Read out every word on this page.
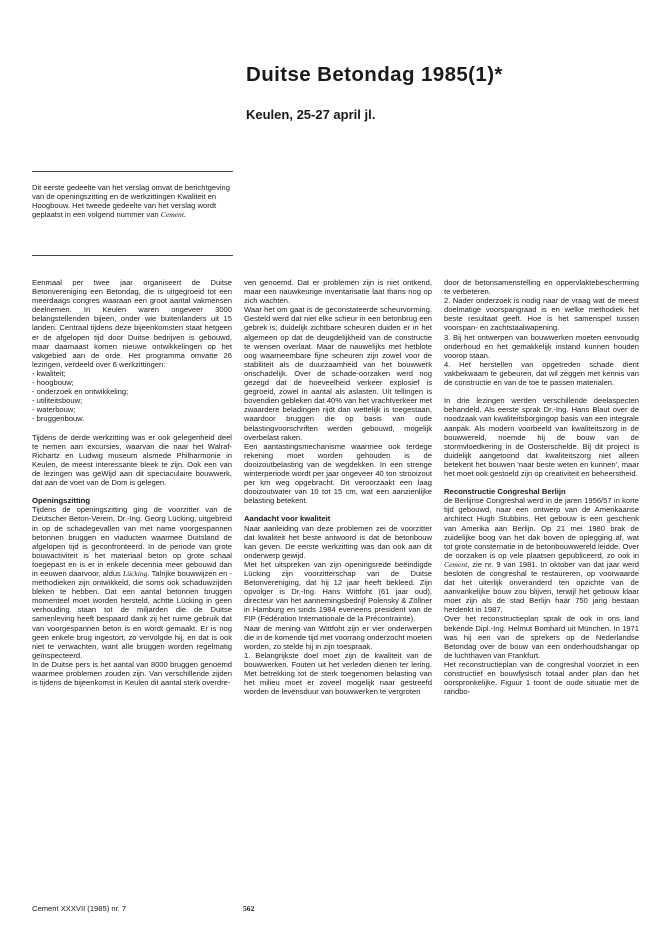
Duitse Betondag 1985(1)*
Keulen, 25-27 april jl.

Dit eerste gedeelte van het verslag omvat de berichtgeving van de openingszitting en de werkzittingen Kwaliteit en Hoogbouw. Het tweede gedeelte van het verslag wordt geplaatst in een volgend nummer van Cement.

Eenmaal per twee jaar organiseert de Duitse Betonvereniging een Betondag, die is uitgegroeid tot een meerdaags congres waaraan een groot aantal vakmensen deelnemen. In Keulen waren ongeveer 3000 belangstellenden bijeen, onder wie buitenlanders uit 15 landen. Centraal tijdens deze bijeenkomsten staat hetgeen er de afgelopen tijd door Duitse bedrijven is gebouwd, maar daarnaast komen nieuwe ontwikkelingen op het vakgebied aan de orde. Het programma omvatte 26 lezingen, verdeeld over 6 werkzittingen:

- kwaliteit;
- hoogbouw;
- onderzoek en ontwikkeling;
- utiliteitsbouw;
- waterbouw;
- bruggenbouw.

Tijdens de derde werkzitting was er ook gelegenheid deel te nemen aan excursies, waarvan die naar het Walraf-Richartz en Ludwig museum alsmede Philharmonie in Keulen, de meest interessante bleek te zijn. Ook een van de lezingen was geWijd aan dit spectaculaire bouwwerk, dat aan de voet van de Dom is gelegen.

Openingszitting

Tijdens de openingszitting ging de voorzitter van de Deutscher Beton-Verein, Dr.-Ing. Georg Lücking, uitgebreid in op de schadegevallen van met name voorgespannen betonnen bruggen en viaducten waarmee Duitsland de afgelopen tijd is geconfronteerd. In de periode van grote bouwactiviteit is het materiaal beton op grote schaal toegepast en is er in enkele decennia meer gebouwd dan in eeuwen daarvoor, aldus Lücking. Talrijke bouwwijzen en -methodieken zijn ontwikkeld, die soms ook schaduwzijden bleken te hebben. Dat een aantal betonnen bruggen momenteel moet worden hersteld, achtte Lücking in geen verhouding staan tot de miljarden die de Duitse samenleving heeft bespaard dank zij het ruime gebruik dat van voorgespannen beton is en wordt gemaakt. Er is nog geen enkele brug ingestort, zo vervolgde hij, en dat is ook niet te verwachten, want alle bruggen worden regelmatig geïnspecteerd.

In de Duitse pers is het aantal van 8000 bruggen genoemd waarmee problemen zouden zijn. Van verschillende zijden is tijdens de bijeenkomst in Keulen dit aantal sterk overdre-

ven genoemd. Dat er problemen zijn is niet ontkend, maar een nauwkeurige inventarisatie laat thans nog op zich wachten.

Waar het om gaat is de geconstateerde scheurvorming. Gesteld werd dat niet elke scheur in een betonbrug een gebrek is; duidelijk zichtbare scheuren duiden er in het algemeen op dat de deugdelijkheid van de constructie te wensen overlaat. Maar de nauwelijks met hetblote oog waarneembare fijne scheuren zijn zowel voor de stabiliteit als de duurzaamheid van het bouwwerk onschadelijk. Over de schade-oorzaken werd nog gezegd dat de hoeveelheid verkeer explosief is gegroeid, zowel in aantal als aslasten. Uit tellingen is bovendien gebleken dat 40% van het vrachtverkeer met zwaardere beladingen rijdt dan wettelijk is toegestaan, waardoor bruggen die op basis van oude belastingvoorschriften werden gebouwd, mogelijk overbelast raken.

Een aantastingsmechanisme waarmee ook terdege rekening moet worden gehouden is de dooizoutbelasting van de wegdekken. In een strenge winterperiode wordt per jaar ongeveer 40 ton strooizout per km weg opgebracht. Dit veroorzaakt een laag dooizoutwater van 10 tot 15 cm, wat een aanzienlijke belasting betekent.

Aandacht voor kwaliteit

Naar aanleiding van deze problemen zei de voorzitter dat kwaliteit het beste antwoord is dat de betonbouw kan geven. De eerste werkzitting was dan ook aan dit onderwerp gewijd.

Met het uitspreken van zijn openingsrede beëindigde Lücking zijn voorzitterschap van de Duitse Betonvereniging, dat hij 12 jaar heeft bekleed. Zijn opvolger is Dr.-Ing. Hans Wittfoht (61 jaar oud), directeur van het aannemingsbedrijf Polensky & Zöllner in Hamburg en sinds 1984 eveneens president van de FIP (Fédération Internationale de la Précontrainte).

Naar de mening van Wittfoht zijn er vier onderwerpen die in de komende tijd met voorrang onderzocht moeten worden, zo stelde hij in zijn toespraak.

1. Belangrijkste doel moet zijn de kwaliteit van de bouwwerken. Fouten uit het verleden dienen ter lering. Met betrekking tot de sterk toegenomen belasting van het milieu moet er zoveel mogelijk naar gestreefd worden de levensduur van bouwwerken te vergroten

door de betonsamenstelling en oppervlaktebescherming te verbeteren.

2. Nader onderzoek is nodig naar de vraag wat de meest doelmatige voorspangraad is en welke methodiek het beste resultaat geeft. Hoe is het samenspel tussen voorspan- en zachtstaalwapening.

3. Bij het ontwerpen van bouwwerken moeten eenvoudig onderhoud en het gemakkelijk instand kunnen houden voorop staan.

4. Het herstellen van opgetreden schade dient vakbekwaam te gebeuren, dat wil zeggen met kennis van de constructie en van de toe te passen materialen.

In drie lezingen werden verschillende deelaspecten behandeld. Als eerste sprak Dr.-Ing. Hans Blaut over de noodzaak van kwaliteitsborgingop basis van een integrale aanpak. Als modern voorbeeld van kwaliteitszorg in de bouwwereld, noemde hij de bouw van de stormvloedkering in de Oosterschelde. Bij dit project is duidelijk aangetoond dat kwaliteitszorg niet alleen betekent het bouwen ‘naar beste weten en kunnen’, maar het moet ook gestoeld zijn op creativiteit en beheerstheid.

Reconstructie Congreshal Berlijn

de Berlijnse Congreshal werd in de jaren 1956/57 in korte tijd gebouwd, naar een ontwerp van de Amerikaanse architect Hugh Stubbins. Het gebouw is een geschenk van Amerika aan Berlijn. Op 21 mei 1980 brak de zuidelijke boog van het dak boven de oplegging af, wat tot grote consternatie in de betonbouwwereld leidde. Over de oorzaken is op vele plaatsen gepubliceerd, zo ook in Cement, zie nr. 9 van 1981. In oktober van dat jaar werd besloten de congreshal te restaureren, op voorwaarde dat het uiterlijk onveranderd ten opzichte van de aanvankelijke bouw zou blijven, terwijl het gebouw klaar moet zijn als de stad Berlijn haar 750 jarig bestaan herdenkt in 1987.

Over het reconstructieplan sprak de ook in ons land bekende Dipl.-Ing. Helmut Bomhard uit München. In 1971 was hij een van de sprekers op de Nederlandse Betondag over de bouw van een onderhoudshangar op de luchthaven van Frankfurt.

Het reconstructieplan van de congreshal voorziet in een constructief en bouwfysisch totaal ander plan dan het oorspronkelijke. Figuur 1 toont de oude situatie met de randbo-

Cement XXXVII (1985) nr. 7	562
